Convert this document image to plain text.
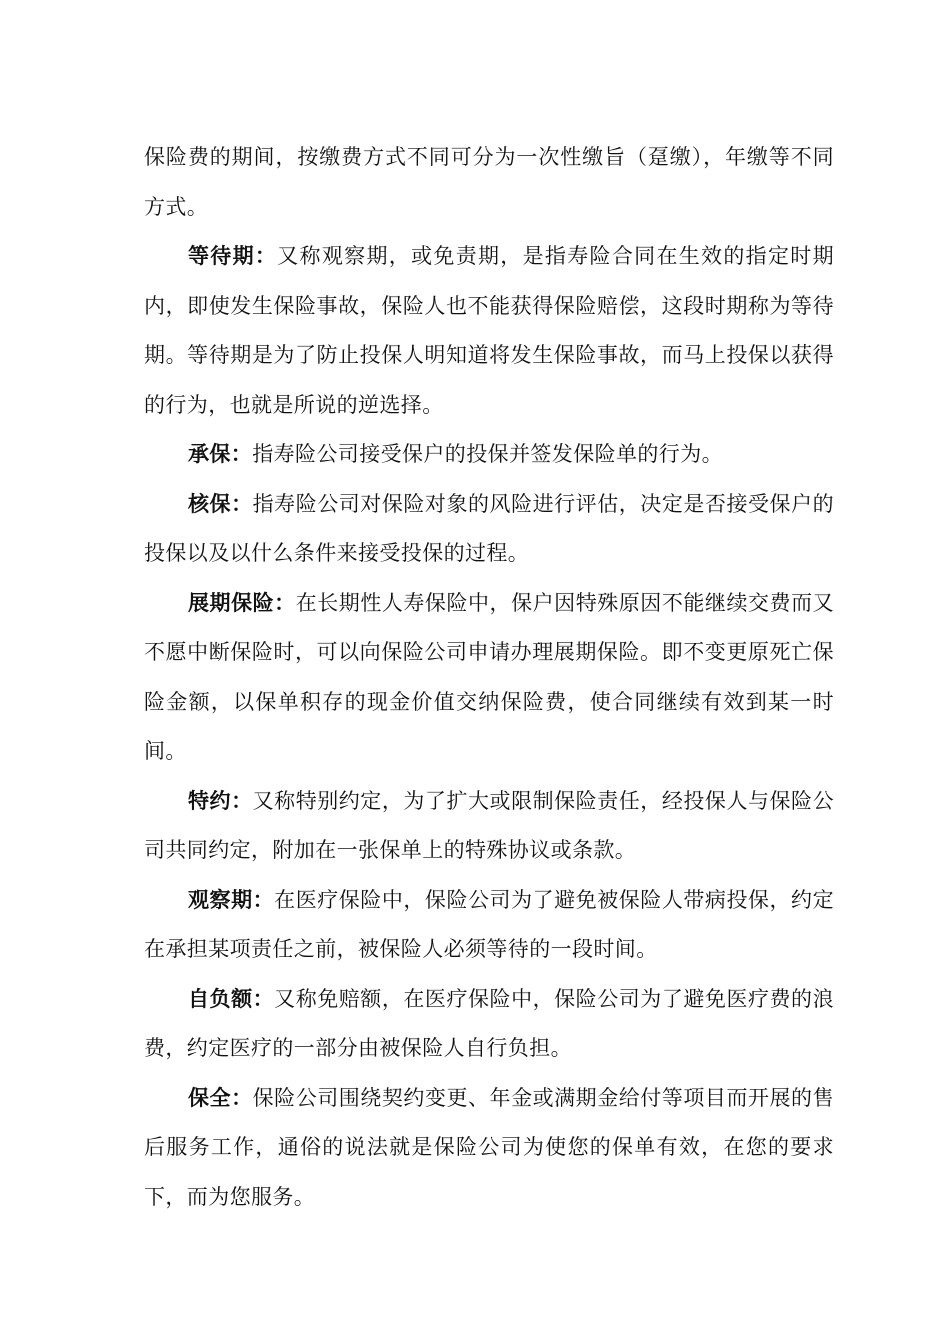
保险费的期间，按缴费方式不同可分为一次性缴旨（趸缴），年缴等不同方式。

等待期：又称观察期，或免责期，是指寿险合同在生效的指定时期内，即使发生保险事故，保险人也不能获得保险赔偿，这段时期称为等待期。等待期是为了防止投保人明知道将发生保险事故，而马上投保以获得的行为，也就是所说的逆选择。

承保：指寿险公司接受保户的投保并签发保险单的行为。

核保：指寿险公司对保险对象的风险进行评估，决定是否接受保户的投保以及以什么条件来接受投保的过程。

展期保险：在长期性人寿保险中，保户因特殊原因不能继续交费而又不愿中断保险时，可以向保险公司申请办理展期保险。即不变更原死亡保险金额，以保单积存的现金价值交纳保险费，使合同继续有效到某一时间。

特约：又称特别约定，为了扩大或限制保险责任，经投保人与保险公司共同约定，附加在一张保单上的特殊协议或条款。

观察期：在医疗保险中，保险公司为了避免被保险人带病投保，约定在承担某项责任之前，被保险人必须等待的一段时间。

自负额：又称免赔额，在医疗保险中，保险公司为了避免医疗费的浪费，约定医疗的一部分由被保险人自行负担。

保全：保险公司围绕契约变更、年金或满期金给付等项目而开展的售后服务工作，通俗的说法就是保险公司为使您的保单有效，在您的要求下，而为您服务。
